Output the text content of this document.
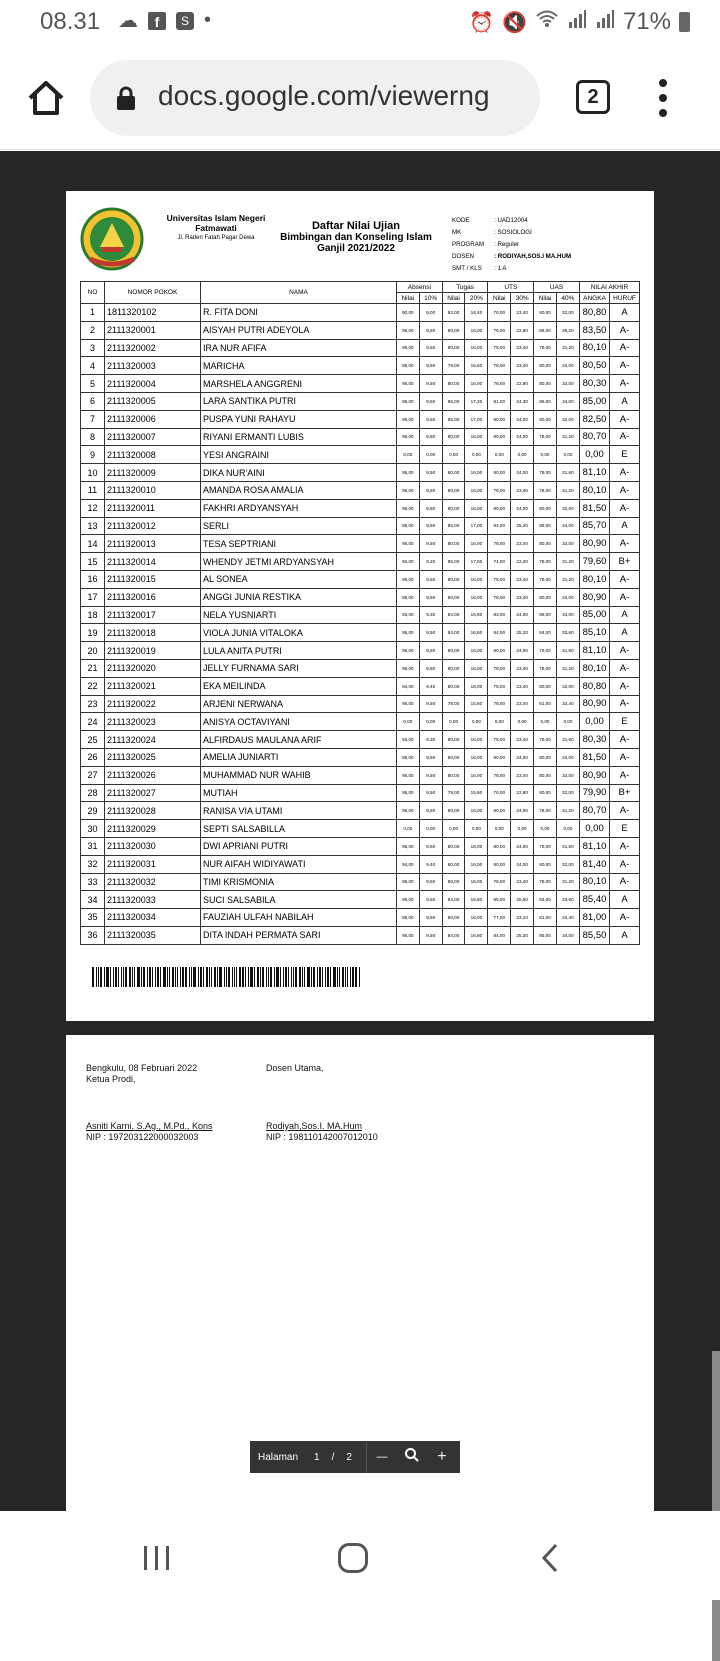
08.31 ☁	f	S •	⏰ 🔇	71%
docs.google.com/viewerng	2
Universitas Islam Negeri
Fatmawati
Jl. Raden Fatah Pagar Dewa
Daftar Nilai Ujian
Bimbingan dan Konseling Islam
Ganjil 2021/2022
KODE	: UAD12004
MK	: SOSIOLOGI
PROGRAM	: Reguler
DOSEN	: RODIYAH,SOS.I MA.HUM
SMT / KLS	: 1 A
NO	NOMOR POKOK	NAMA	Absensi		Tugas		UTS		UAS		NILAI AKHIR	
			Nilai	10%	Nilai	20%	Nilai	30%	Nilai	40%	ANGKA	HURUF
1	1811320102	R. FITA DONI	90,00	9,00	82,00	16,40	78,00	23,40	80,00	32,00	80,80	A
2	2111320001	AISYAH PUTRI ADEYOLA	95,00	9,50	80,00	16,00	76,00	22,80	88,00	35,20	83,50	A-
3	2111320002	IRA NUR AFIFA	95,00	9,50	80,00	16,00	78,00	23,40	78,00	31,20	80,10	A-
4	2111320003	MARICHA	95,00	9,50	78,00	15,60	78,00	23,40	80,00	32,00	80,50	A-
5	2111320004	MARSHELA ANGGRENI	95,00	9,50	80,00	16,00	76,00	22,80	80,00	32,00	80,30	A-
6	2111320005	LARA SANTIKA PUTRI	95,00	9,50	86,00	17,20	81,00	24,30	85,00	34,00	85,00	A
7	2111320006	PUSPA YUNI RAHAYU	95,00	9,50	85,00	17,00	80,00	24,00	80,00	32,00	82,50	A-
8	2111320007	RIYANI ERMANTI LUBIS	95,00	9,50	80,00	16,00	80,00	24,00	78,00	31,20	80,70	A-
9	2111320008	YESI ANGRAINI	0,00	0,00	0,00	0,00	0,00	0,00	0,00	0,00	0,00	E
10	2111320009	DIKA NUR'AINI	95,00	9,50	80,00	16,00	80,00	24,00	79,00	31,60	81,10	A-
11	2111320010	AMANDA ROSA AMALIA	95,00	9,50	80,00	16,00	78,00	23,40	78,00	31,20	80,10	A-
12	2111320011	FAKHRI ARDYANSYAH	95,00	9,50	80,00	16,00	80,00	24,00	80,00	32,00	81,50	A-
13	2111320012	SERLI	95,00	9,50	85,00	17,00	84,00	25,20	85,00	34,00	85,70	A
14	2111320013	TESA SEPTRIANI	95,00	9,50	80,00	16,00	78,00	23,40	80,00	32,00	80,90	A-
15	2111320014	WHENDY JETMI ARDYANSYAH	92,00	9,20	85,00	17,00	74,00	22,20	78,00	31,20	79,60	B+
16	2111320015	AL SONEA	95,00	9,50	80,00	16,00	78,00	23,40	78,00	31,20	80,10	A-
17	2111320016	ANGGI JUNIA RESTIKA	95,00	9,50	80,00	16,00	78,00	23,40	80,00	32,00	80,90	A-
18	2111320017	NELA YUSNIARTI	93,00	9,30	84,00	16,80	83,00	24,90	85,00	34,00	85,00	A
19	2111320018	VIOLA JUNIA VITALOKA	95,00	9,50	84,00	16,80	84,00	25,20	84,00	33,60	85,10	A
20	2111320019	LULA ANITA PUTRI	95,00	9,50	80,00	16,00	80,00	24,00	79,00	31,60	81,10	A-
21	2111320020	JELLY FURNAMA SARI	95,00	9,50	80,00	16,00	78,00	23,40	78,00	31,20	80,10	A-
22	2111320021	EKA MEILINDA	94,00	9,40	80,00	16,00	78,00	23,40	80,00	32,00	80,80	A-
23	2111320022	ARJENI NERWANA	95,00	9,50	78,00	15,60	78,00	23,40	81,00	32,40	80,90	A-
24	2111320023	ANISYA OCTAVIYANI	0,00	0,00	0,00	0,00	0,00	0,00	0,00	0,00	0,00	E
25	2111320024	ALFIRDAUS MAULANA ARIF	93,00	9,30	80,00	16,00	78,00	23,40	79,00	31,60	80,30	A-
26	2111320025	AMELIA JUNIARTI	95,00	9,50	80,00	16,00	80,00	24,00	80,00	32,00	81,50	A-
27	2111320026	MUHAMMAD NUR WAHIB	95,00	9,50	80,00	16,00	78,00	23,40	80,00	32,00	80,90	A-
28	2111320027	MUTIAH	95,00	9,50	78,00	15,60	76,00	22,80	80,00	32,00	79,90	B+
29	2111320028	RANISA VIA UTAMI	95,00	9,50	80,00	16,00	80,00	24,00	78,00	31,20	80,70	A-
30	2111320029	SEPTI SALSABILLA	0,00	0,00	0,00	0,00	0,00	0,00	0,00	0,00	0,00	E
31	2111320030	DWI APRIANI PUTRI	95,00	9,50	80,00	16,00	80,00	24,00	79,00	31,60	81,10	A-
32	2111320031	NUR AIFAH WIDIYAWATI	94,00	9,40	80,00	16,00	80,00	24,00	80,00	32,00	81,40	A-
33	2111320032	TIMI KRISMONIA	95,00	9,50	80,00	16,00	78,00	23,40	78,00	31,20	80,10	A-
34	2111320033	SUCI SALSABILA	95,00	9,50	84,00	16,80	85,00	25,50	84,00	33,60	85,40	A
35	2111320034	FAUZIAH ULFAH NABILAH	95,00	9,50	80,00	16,00	77,00	23,10	81,00	32,40	81,00	A-
36	2111320035	DITA INDAH PERMATA SARI	95,00	9,50	84,00	16,80	84,00	25,20	85,00	34,00	85,50	A
Bengkulu, 08 Februari 2022
Ketua Prodi,
Dosen Utama,
Asniti Karni, S.Ag., M.Pd., Kons
NIP : 197203122000032003
Rodiyah,Sos.I. MA.Hum
NIP : 198110142007012010
Halaman 1 / 2	—	+
